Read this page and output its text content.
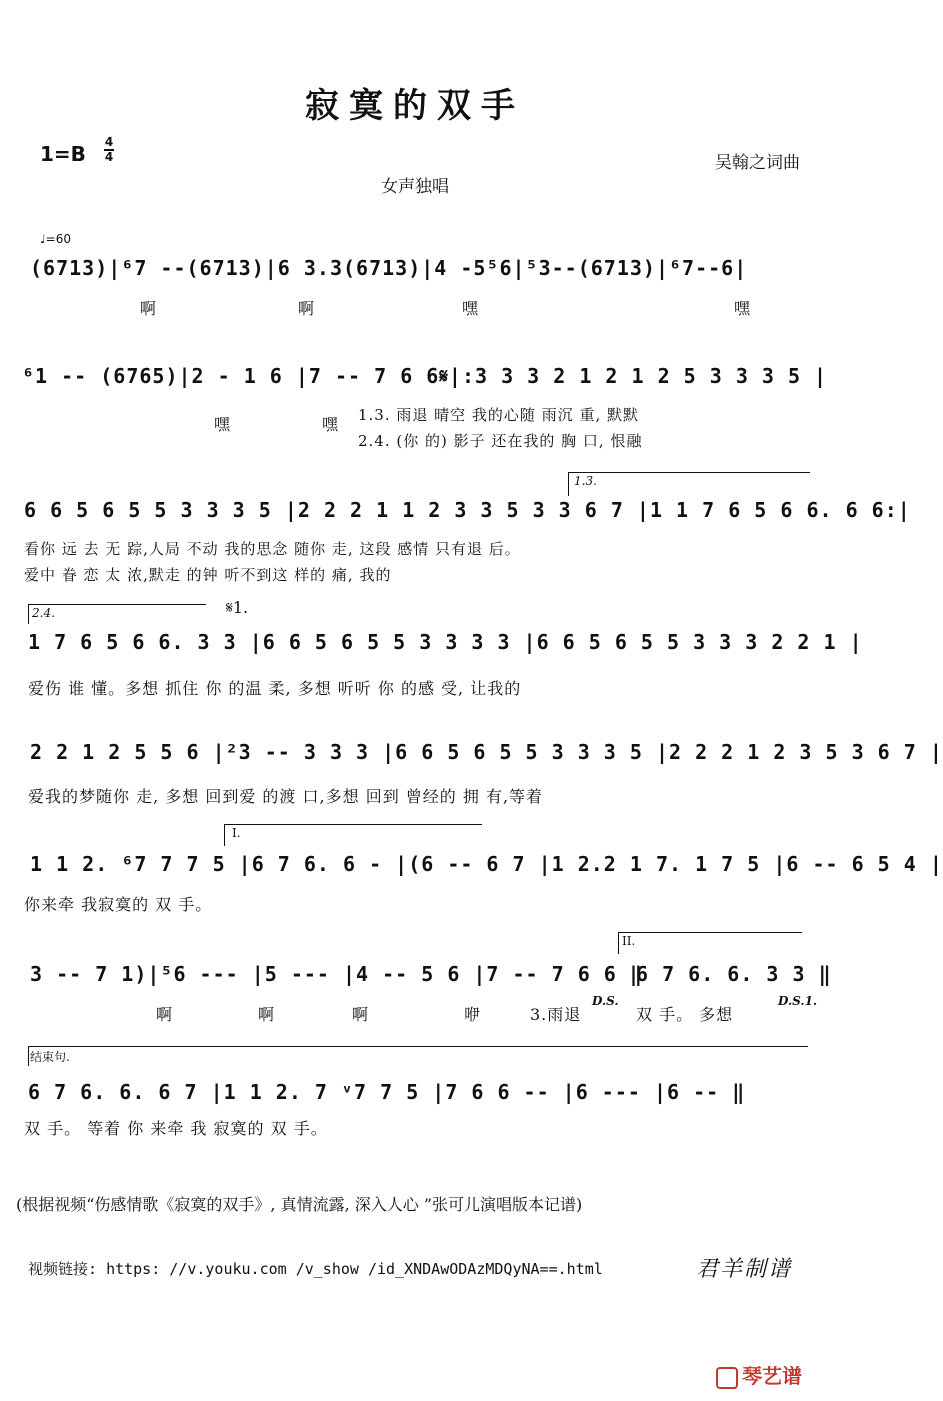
寂寞的双手
1=B 4
4	吴翰之词曲
女声独唱
♩=60
(6713)|⁶7 --(6713)|6 3.3(6713)|4 -5⁵6|⁵3--(6713)|⁶7--6|
啊	啊	嘿	嘿
⁶1 -- (6765)|2 - 1 6 |7 -- 7 6 6𝄋|:3 3 3 2 1 2 1 2 5 3 3 3 5 |
嘿	嘿 1.3. 雨退 晴空 我的心随 雨沉 重, 默默
2.4. (你 的) 影子 还在我的 胸 口, 恨融
1.3.
6 6 5 6 5 5 3 3 3 5 |2 2 2 1 1 2 3 3 5 3 3 6 7 |1 1 7 6 5 6 6. 6 6:|
看你 远 去 无 踪,人局 不动 我的思念 随你 走, 这段 感情 只有退 后。
爱中 眷 恋 太 浓,默走 的钟 听不到这 样的 痛, 我的
2.4.	𝄋1.
1 7 6 5 6 6. 3 3 |6 6 5 6 5 5 3 3 3 3 |6 6 5 6 5 5 3 3 3 2 2 1 |
爱伤 谁 懂。多想 抓住 你 的温 柔, 多想 听听 你 的感 受, 让我的
2 2 1 2 5 5 6 |²3 -- 3 3 3 |6 6 5 6 5 5 3 3 3 5 |2 2 2 1 2 3 5 3 6 7 |
爱我的梦随你 走, 多想 回到爱 的渡 口,多想 回到 曾经的 拥 有,等着
I.
1 1 2. ⁶7 7 7 5 |6 7 6. 6 - |(6 -- 6 7 |1 2.2 1 7. 1 7 5 |6 -- 6 5 4 |
你来牵 我寂寞的 双 手。
II.
3 -- 7 1)|⁵6 --- |5 --- |4 -- 5 6 |7 -- 7 6 6 ‖
6 7 6. 6. 3 3 ‖
啊	啊	啊	咿	3.雨退
D.S.
双 手。 多想
D.S.1.
结束句.
6 7 6. 6. 6 7 |1 1 2. 7 ᵛ7 7 5 |7 6 6 -- |6 --- |6 -- ‖
双 手。 等着 你 来牵 我 寂寞的 双 手。
(根据视频“伤感情歌《寂寞的双手》, 真情流露, 深入人心 ”张可儿演唱版本记谱)
视频链接: https: //v.youku.com /v_show /id_XNDAwODAzMDQyNA==.html	君羊制谱
琴艺谱
